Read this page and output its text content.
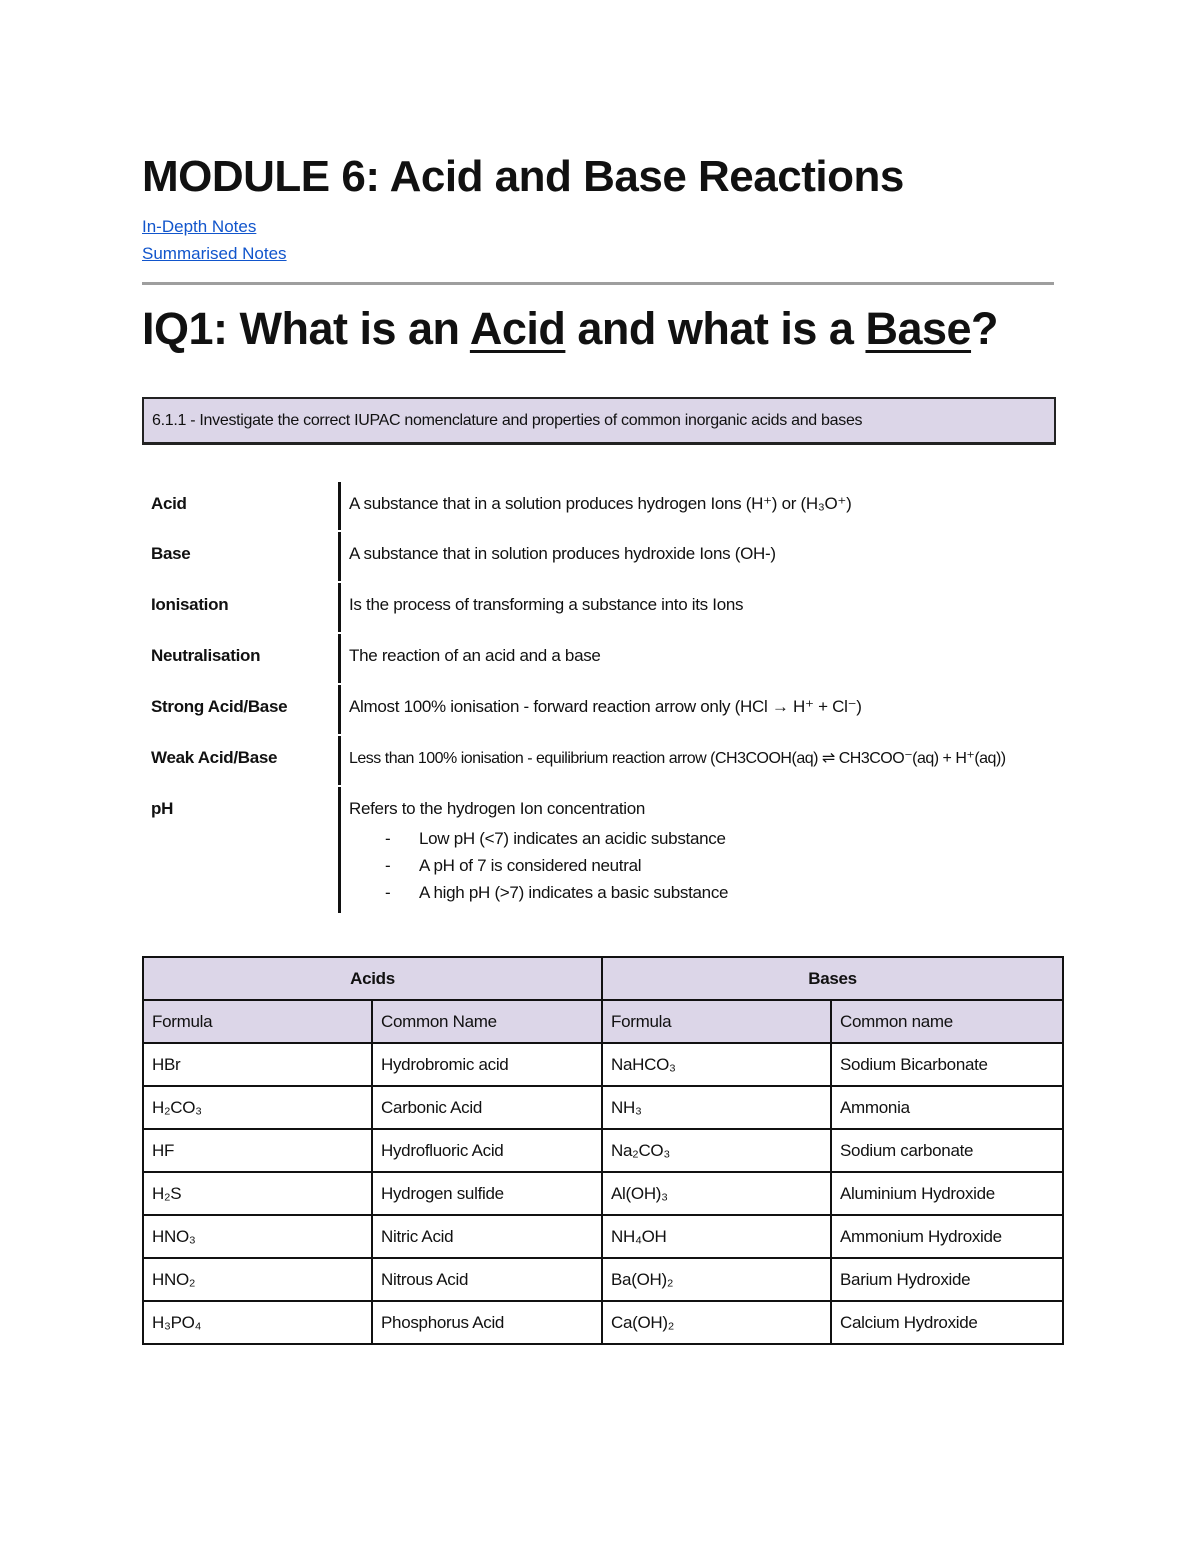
MODULE 6: Acid and Base Reactions
In-Depth Notes
Summarised Notes
IQ1: What is an Acid and what is a Base?
6.1.1 - Investigate the correct IUPAC nomenclature and properties of common inorganic acids and bases
Acid	A substance that in a solution produces hydrogen Ions (H⁺) or (H₃O⁺)
Base	A substance that in solution produces hydroxide Ions (OH-)
Ionisation	Is the process of transforming a substance into its Ions
Neutralisation	The reaction of an acid and a base
Strong Acid/Base	Almost 100% ionisation - forward reaction arrow only (HCl → H⁺ + Cl⁻)
Weak Acid/Base	Less than 100% ionisation - equilibrium reaction arrow (CH3COOH(aq) ⇌ CH3COO⁻(aq) + H⁺(aq))
pH	Refers to the hydrogen Ion concentration
- Low pH (<7) indicates an acidic substance
- A pH of 7 is considered neutral
- A high pH (>7) indicates a basic substance
Acids		Bases	
Formula	Common Name	Formula	Common name
HBr	Hydrobromic acid	NaHCO₃	Sodium Bicarbonate
H₂CO₃	Carbonic Acid	NH₃	Ammonia
HF	Hydrofluoric Acid	Na₂CO₃	Sodium carbonate
H₂S	Hydrogen sulfide	Al(OH)₃	Aluminium Hydroxide
HNO₃	Nitric Acid	NH₄OH	Ammonium Hydroxide
HNO₂	Nitrous Acid	Ba(OH)₂	Barium Hydroxide
H₃PO₄	Phosphorus Acid	Ca(OH)₂	Calcium Hydroxide
